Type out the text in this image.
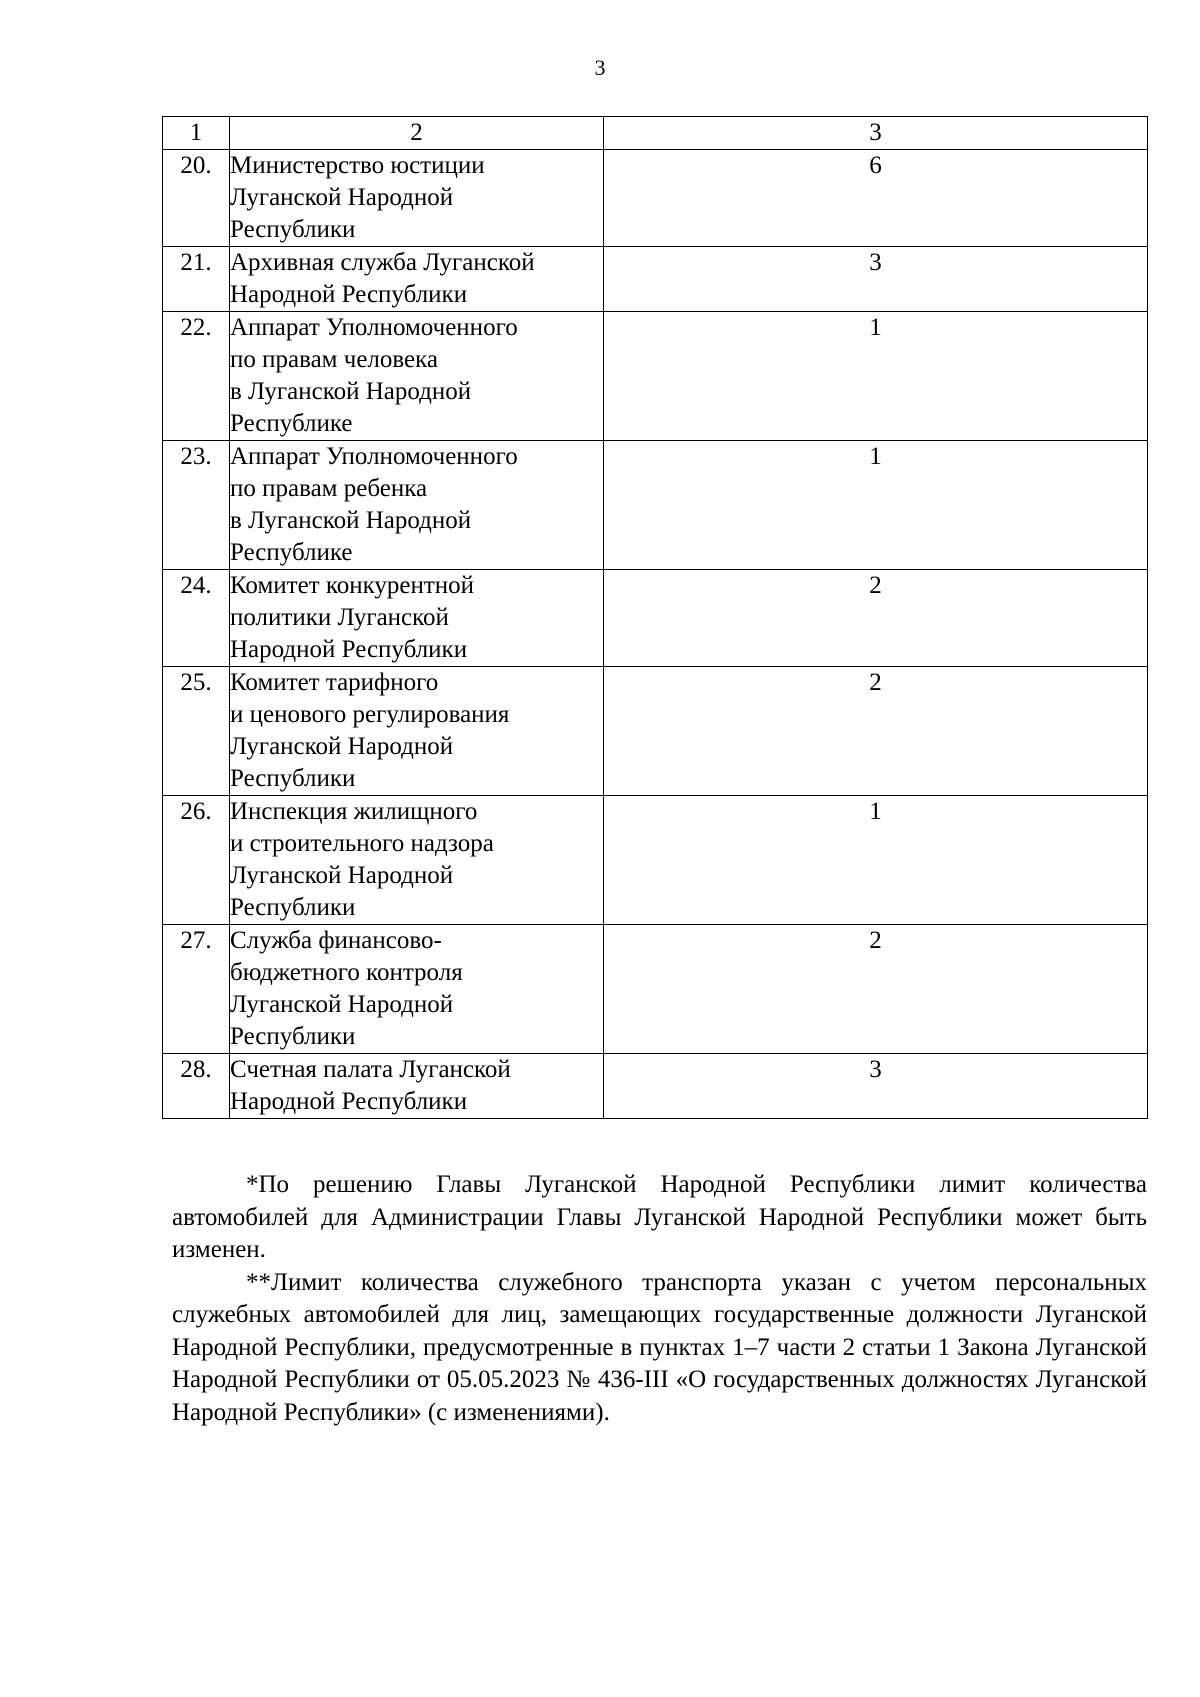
3
1	2	3
20.	Министерство юстиции
Луганской Народной
Республики	6
21.	Архивная служба Луганской
Народной Республики	3
22.	Аппарат Уполномоченного
по правам человека
в Луганской Народной
Республике	1
23.	Аппарат Уполномоченного
по правам ребенка
в Луганской Народной
Республике	1
24.	Комитет конкурентной
политики Луганской
Народной Республики	2
25.	Комитет тарифного
и ценового регулирования
Луганской Народной
Республики	2
26.	Инспекция жилищного
и строительного надзора
Луганской Народной
Республики	1
27.	Служба финансово-
бюджетного контроля
Луганской Народной
Республики	2
28.	Счетная палата Луганской
Народной Республики	3

*По решению Главы Луганской Народной Республики лимит количества автомобилей для Администрации Главы Луганской Народной Республики может быть изменен.

**Лимит количества служебного транспорта указан с учетом персональных служебных автомобилей для лиц, замещающих государственные должности Луганской Народной Республики, предусмотренные в пунктах 1–7 части 2 статьи 1 Закона Луганской Народной Республики от 05.05.2023 № 436-III «О государственных должностях Луганской Народной Республики» (с изменениями).
